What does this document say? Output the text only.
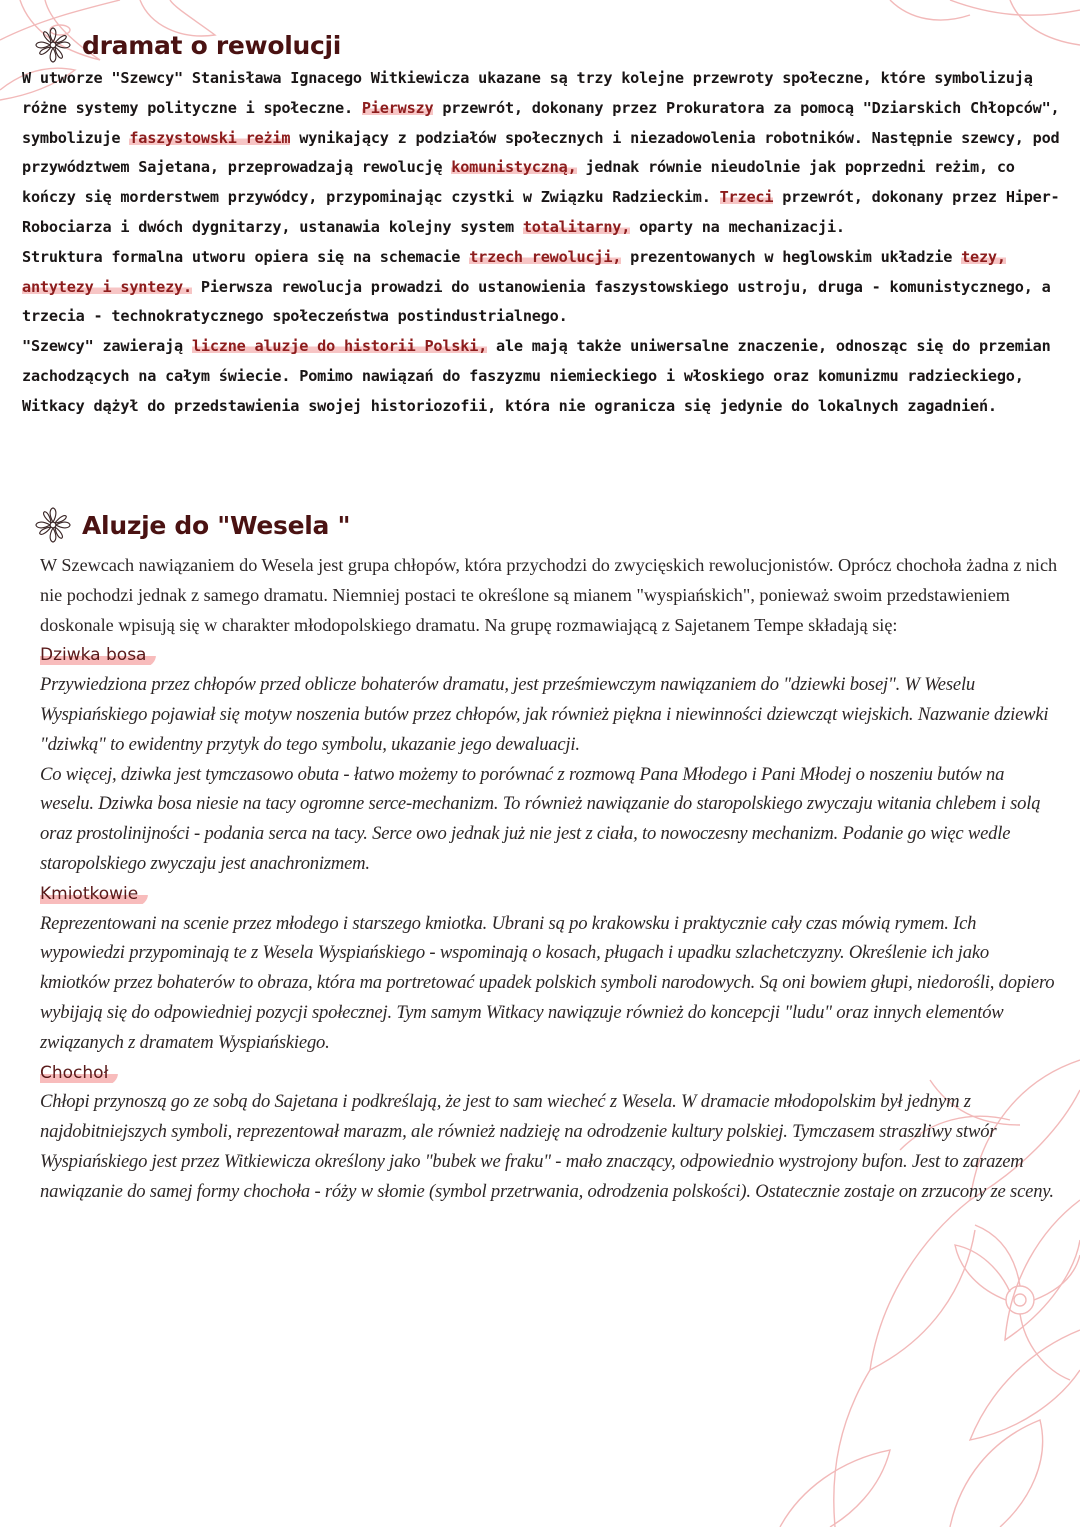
dramat o rewolucji

W utworze "Szewcy" Stanisława Ignacego Witkiewicza ukazane są trzy kolejne przewroty społeczne, które symbolizują różne systemy polityczne i społeczne. Pierwszy przewrót, dokonany przez Prokuratora za pomocą "Dziarskich Chłopców", symbolizuje faszystowski reżim wynikający z podziałów społecznych i niezadowolenia robotników. Następnie szewcy, pod przywództwem Sajetana, przeprowadzają rewolucję komunistyczną, jednak równie nieudolnie jak poprzedni reżim, co kończy się morderstwem przywódcy, przypominając czystki w Związku Radzieckim. Trzeci przewrót, dokonany przez Hiper-Robociarza i dwóch dygnitarzy, ustanawia kolejny system totalitarny, oparty na mechanizacji.

Struktura formalna utworu opiera się na schemacie trzech rewolucji, prezentowanych w heglowskim układzie tezy, antytezy i syntezy. Pierwsza rewolucja prowadzi do ustanowienia faszystowskiego ustroju, druga - komunistycznego, a trzecia - technokratycznego społeczeństwa postindustrialnego.

"Szewcy" zawierają liczne aluzje do historii Polski, ale mają także uniwersalne znaczenie, odnosząc się do przemian zachodzących na całym świecie. Pomimo nawiązań do faszyzmu niemieckiego i włoskiego oraz komunizmu radzieckiego, Witkacy dążył do przedstawienia swojej historiozofii, która nie ogranicza się jedynie do lokalnych zagadnień.

Aluzje do "Wesela "

W Szewcach nawiązaniem do Wesela jest grupa chłopów, która przychodzi do zwycięskich rewolucjonistów. Oprócz chochoła żadna z nich nie pochodzi jednak z samego dramatu. Niemniej postaci te określone są mianem "wyspiańskich", ponieważ swoim przedstawieniem doskonale wpisują się w charakter młodopolskiego dramatu. Na grupę rozmawiającą z Sajetanem Tempe składają się:

Dziwka bosa

Przywiedziona przez chłopów przed oblicze bohaterów dramatu, jest prześmiewczym nawiązaniem do "dziewki bosej". W Weselu Wyspiańskiego pojawiał się motyw noszenia butów przez chłopów, jak również piękna i niewinności dziewcząt wiejskich. Nazwanie dziewki "dziwką" to ewidentny przytyk do tego symbolu, ukazanie jego dewaluacji.

Co więcej, dziwka jest tymczasowo obuta - łatwo możemy to porównać z rozmową Pana Młodego i Pani Młodej o noszeniu butów na weselu. Dziwka bosa niesie na tacy ogromne serce-mechanizm. To również nawiązanie do staropolskiego zwyczaju witania chlebem i solą oraz prostolinijności - podania serca na tacy. Serce owo jednak już nie jest z ciała, to nowoczesny mechanizm. Podanie go więc wedle staropolskiego zwyczaju jest anachronizmem.

Kmiotkowie

Reprezentowani na scenie przez młodego i starszego kmiotka. Ubrani są po krakowsku i praktycznie cały czas mówią rymem. Ich wypowiedzi przypominają te z Wesela Wyspiańskiego - wspominają o kosach, pługach i upadku szlachetczyzny. Określenie ich jako kmiotków przez bohaterów to obraza, która ma portretować upadek polskich symboli narodowych. Są oni bowiem głupi, niedorośli, dopiero wybijają się do odpowiedniej pozycji społecznej. Tym samym Witkacy nawiązuje również do koncepcji "ludu" oraz innych elementów związanych z dramatem Wyspiańskiego.

Chochoł

Chłopi przynoszą go ze sobą do Sajetana i podkreślają, że jest to sam wiecheć z Wesela. W dramacie młodopolskim był jednym z najdobitniejszych symboli, reprezentował marazm, ale również nadzieję na odrodzenie kultury polskiej. Tymczasem straszliwy stwór Wyspiańskiego jest przez Witkiewicza określony jako "bubek we fraku" - mało znaczący, odpowiednio wystrojony bufon. Jest to zarazem nawiązanie do samej formy chochoła - róży w słomie (symbol przetrwania, odrodzenia polskości). Ostatecznie zostaje on zrzucony ze sceny.
